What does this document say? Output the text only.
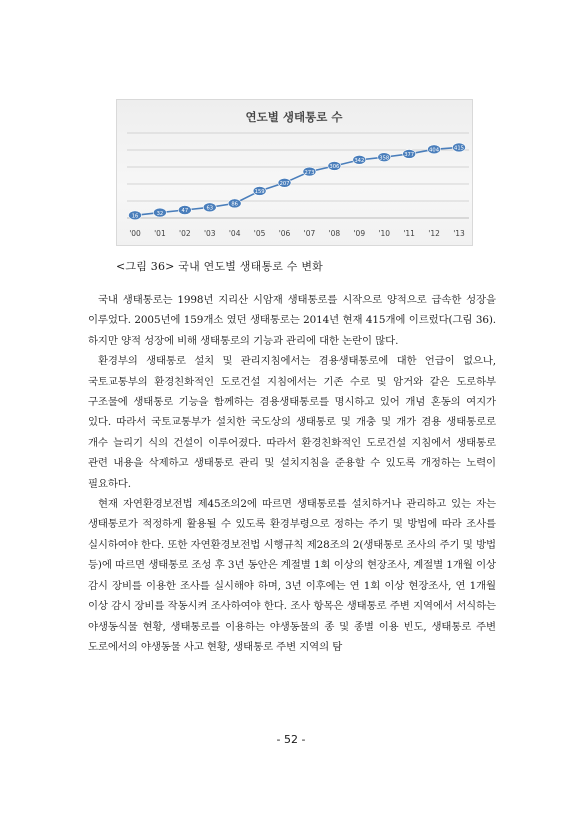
연도별 생태통로 수
16	32	47	63
86
159
207
273
306
342	358
377
404	415
'00 '01 '02 '03 '04 '05 '06 '07 '08 '09 '10 '11 '12 '13
<그림 36> 국내 연도별 생태통로 수 변화

국내 생태통로는 1998년 지리산 시암재 생태통로를 시작으로 양적으로 급속한 성장을 이루었다. 2005년에 159개소 였던 생태통로는 2014년 현재 415개에 이르렀다(그림 36). 하지만 양적 성장에 비해 생태통로의 기능과 관리에 대한 논란이 많다.

환경부의 생태통로 설치 및 관리지침에서는 겸용생태통로에 대한 언급이 없으나, 국토교통부의 환경친화적인 도로건설 지침에서는 기존 수로 및 암거와 같은 도로하부 구조물에 생태통로 기능을 함께하는 겸용생태통로를 명시하고 있어 개념 혼동의 여지가 있다. 따라서 국토교통부가 설치한 국도상의 생태통로 및 개충 및 개가 겸용 생태통로로 개수 늘리기 식의 건설이 이루어졌다. 따라서 환경친화적인 도로건설 지침에서 생태통로 관련 내용을 삭제하고 생태통로 관리 및 설치지침을 준용할 수 있도록 개정하는 노력이 필요하다.

현재 자연환경보전법 제45조의2에 따르면 생태통로를 설치하거나 관리하고 있는 자는 생태통로가 적정하게 활용될 수 있도록 환경부령으로 정하는 주기 및 방법에 따라 조사를 실시하여야 한다. 또한 자연환경보전법 시행규칙 제28조의 2(생태통로 조사의 주기 및 방법 등)에 따르면 생태통로 조성 후 3년 동안은 계절별 1회 이상의 현장조사, 계절별 1개월 이상 감시 장비를 이용한 조사를 실시해야 하며, 3년 이후에는 연 1회 이상 현장조사, 연 1개월 이상 감시 장비를 작동시켜 조사하여야 한다. 조사 항목은 생태통로 주변 지역에서 서식하는 야생동식물 현황, 생태통로를 이용하는 야생동물의 종 및 종별 이용 빈도, 생태통로 주변 도로에서의 야생동물 사고 현황, 생태통로 주변 지역의 탐

- 52 -
